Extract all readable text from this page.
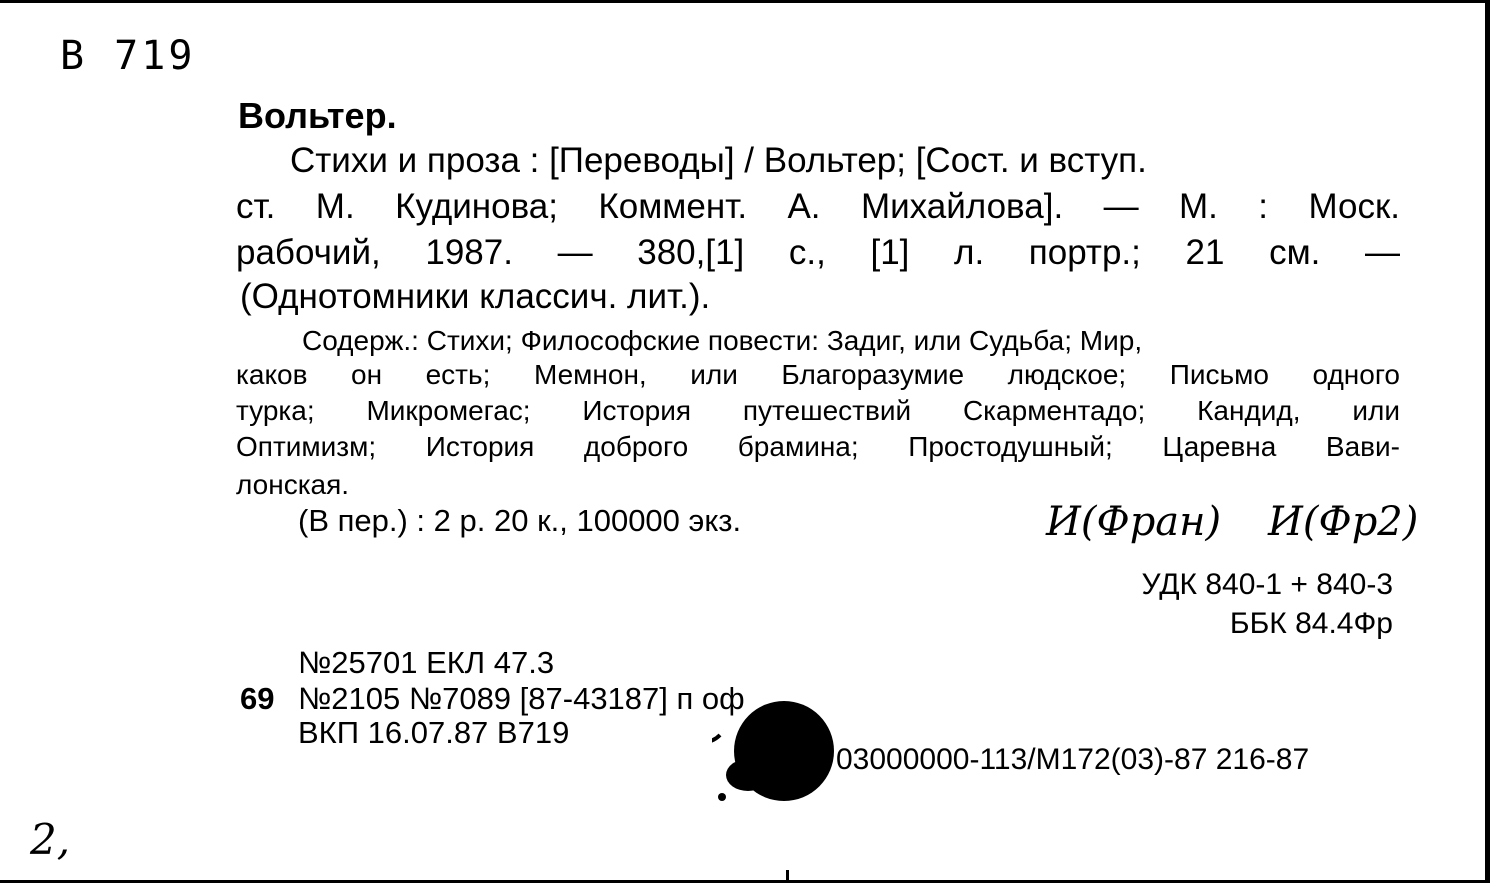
B 719
Вольтер.
Стихи и проза : [Переводы] / Вольтер; [Сост. и вступ.
ст. М. Кудинова; Коммент. А. Михайлова]. — М. : Моск.
рабочий, 1987. — 380,[1] с., [1] л. портр.; 21 см. —
(Однотомники классич. лит.).
Содерж.: Стихи; Философские повести: Задиг, или Судьба; Мир,
каков он есть; Мемнон, или Благоразумие людское; Письмо одного
турка; Микромегас; История путешествий Скарментадо; Кандид, или
Оптимизм; История доброго брамина; Простодушный; Царевна Вави-
лонская.
(В пер.) : 2 р. 20 к., 100000 экз.	И(Фран) И(Фр2)
УДК 840-1 + 840-3
ББК 84.4Фр
№25701 ЕКЛ 47.3
69 №2105 №7089 [87-43187] п оф
ВКП 16.07.87 В719
03000000-113/М172(03)-87 216-87
2,
